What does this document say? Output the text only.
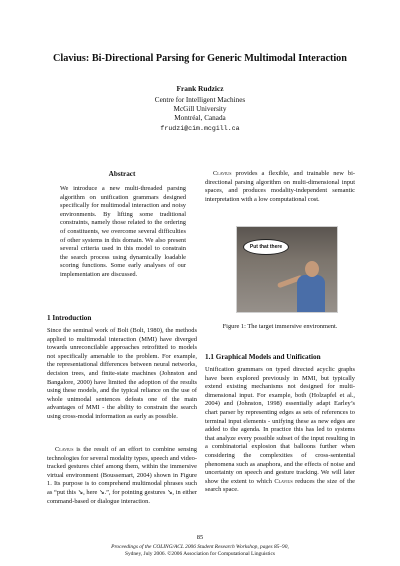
Clavius: Bi-Directional Parsing for Generic Multimodal Interaction
Frank Rudzicz
Centre for Intelligent Machines
McGill University
Montréal, Canada
frudzi@cim.mcgill.ca
Abstract
We introduce a new multi-threaded parsing algorithm on unification grammars designed specifically for multimodal interaction and noisy environments. By lifting some traditional constraints, namely those related to the ordering of constituents, we overcome several difficulties of other systems in this domain. We also present several criteria used in this model to constrain the search process using dynamically loadable scoring functions. Some early analyses of our implementation are discussed.
1 Introduction
Since the seminal work of Bolt (Bolt, 1980), the methods applied to multimodal interaction (MMI) have diverged towards unreconcilable approaches retrofitted to models not specifically amenable to the problem. For example, the representational differences between neural networks, decision trees, and finite-state machines (Johnston and Bangalore, 2000) have limited the adoption of the results using these models, and the typical reliance on the use of whole unimodal sentences defeats one of the main advantages of MMI - the ability to constrain the search using cross-modal information as early as possible.
Clavius is the result of an effort to combine sensing technologies for several modality types, speech and video-tracked gestures chief among them, within the immersive virtual environment (Boussemart, 2004) shown in Figure 1. Its purpose is to comprehend multimodal phrases such as “put this ↘, here ↘.”, for pointing gestures ↘, in either command-based or dialogue interaction.
Clavius provides a flexible, and trainable new bi-directional parsing algorithm on multi-dimensional input spaces, and produces modality-independent semantic interpretation with a low computational cost.
Put that there
Figure 1: The target immersive environment.
1.1 Graphical Models and Unification
Unification grammars on typed directed acyclic graphs have been explored previously in MMI, but typically extend existing mechanisms not designed for multi-dimensional input. For example, both (Holzapfel et al., 2004) and (Johnston, 1998) essentially adapt Earley’s chart parser by representing edges as sets of references to terminal input elements - unifying these as new edges are added to the agenda. In practice this has led to systems that analyze every possible subset of the input resulting in a combinatorial explosion that balloons further when considering the complexities of cross-sentential phenomena such as anaphora, and the effects of noise and uncertainty on speech and gesture tracking. We will later show the extent to which Clavius reduces the size of the search space.
85
Proceedings of the COLING/ACL 2006 Student Research Workshop, pages 85–90,
Sydney, July 2006. ©2006 Association for Computational Linguistics
